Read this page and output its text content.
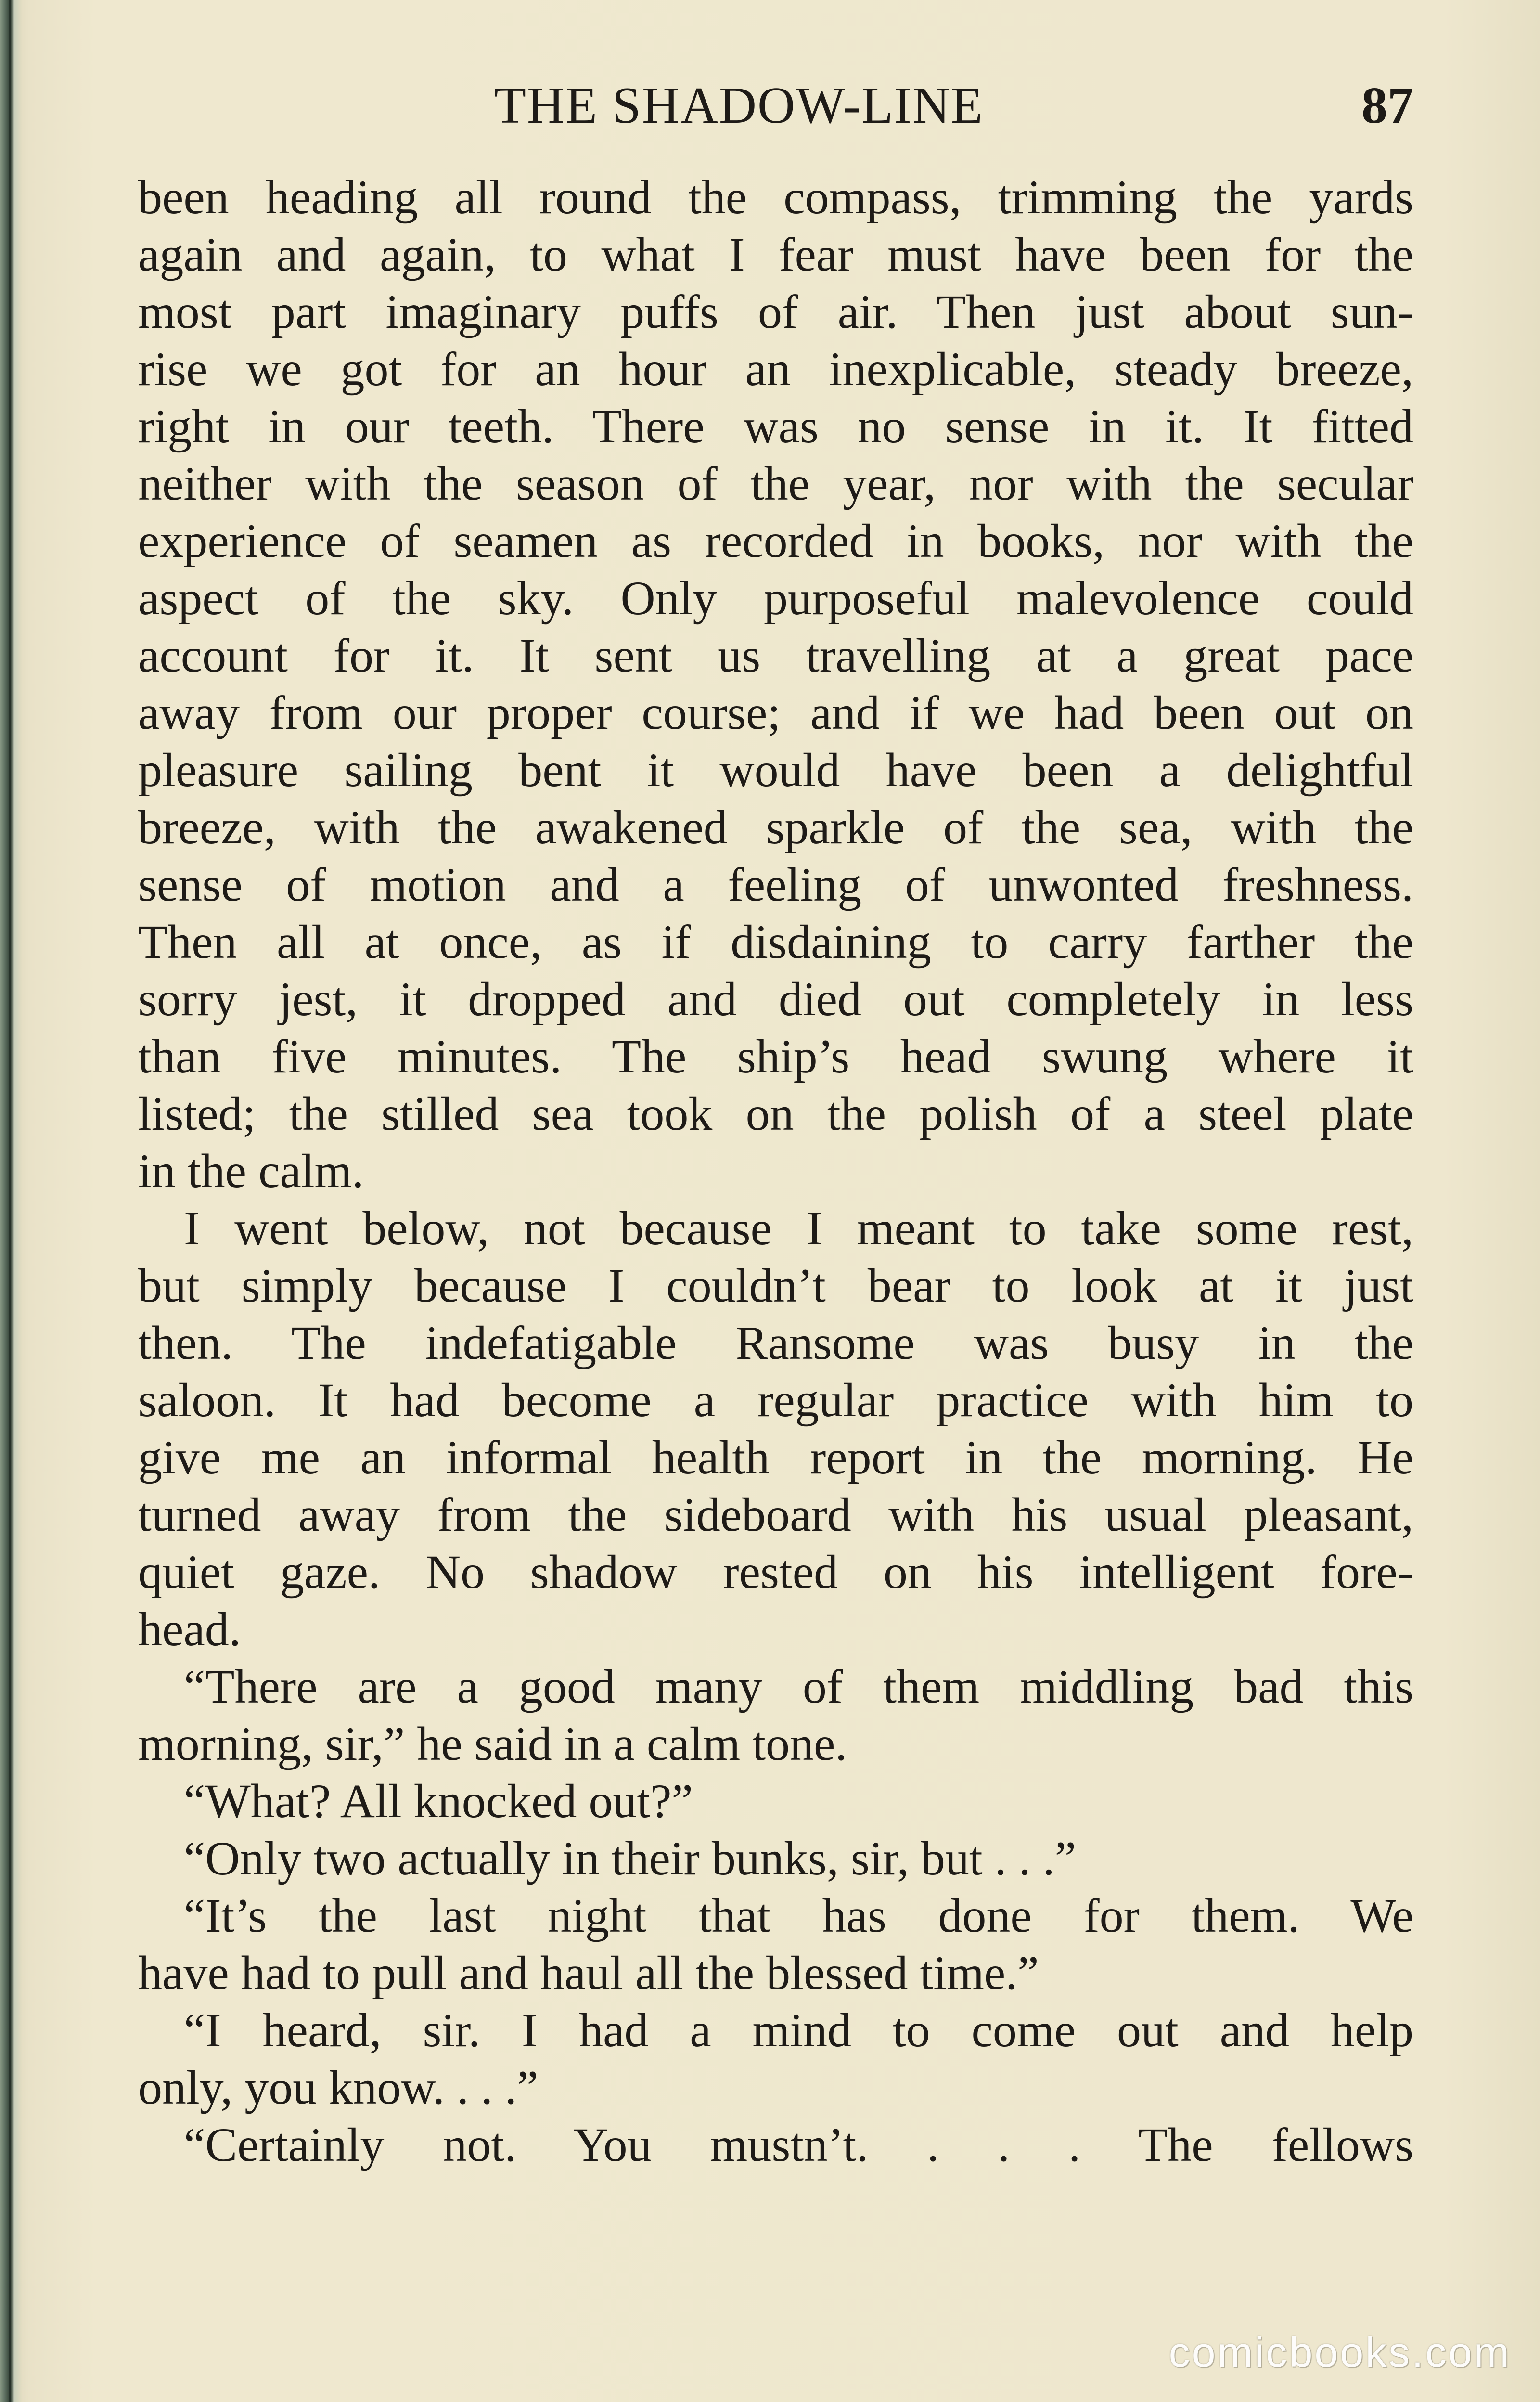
THE SHADOW-LINE	87
been heading all round the compass, trimming the yards
again and again, to what I fear must have been for the
most part imaginary puffs of air. Then just about sun-
rise we got for an hour an inexplicable, steady breeze,
right in our teeth. There was no sense in it. It fitted
neither with the season of the year, nor with the secular
experience of seamen as recorded in books, nor with the
aspect of the sky. Only purposeful malevolence could
account for it. It sent us travelling at a great pace
away from our proper course; and if we had been out on
pleasure sailing bent it would have been a delightful
breeze, with the awakened sparkle of the sea, with the
sense of motion and a feeling of unwonted freshness.
Then all at once, as if disdaining to carry farther the
sorry jest, it dropped and died out completely in less
than five minutes. The ship’s head swung where it
listed; the stilled sea took on the polish of a steel plate
in the calm.
I went below, not because I meant to take some rest,
but simply because I couldn’t bear to look at it just
then. The indefatigable Ransome was busy in the
saloon. It had become a regular practice with him to
give me an informal health report in the morning. He
turned away from the sideboard with his usual pleasant,
quiet gaze. No shadow rested on his intelligent fore-
head.
“There are a good many of them middling bad this
morning, sir,” he said in a calm tone.
“What? All knocked out?”
“Only two actually in their bunks, sir, but . . .”
“It’s the last night that has done for them. We
have had to pull and haul all the blessed time.”
“I heard, sir. I had a mind to come out and help
only, you know. . . .”
“Certainly not. You mustn’t. . . . The fellows
comicbooks.com
